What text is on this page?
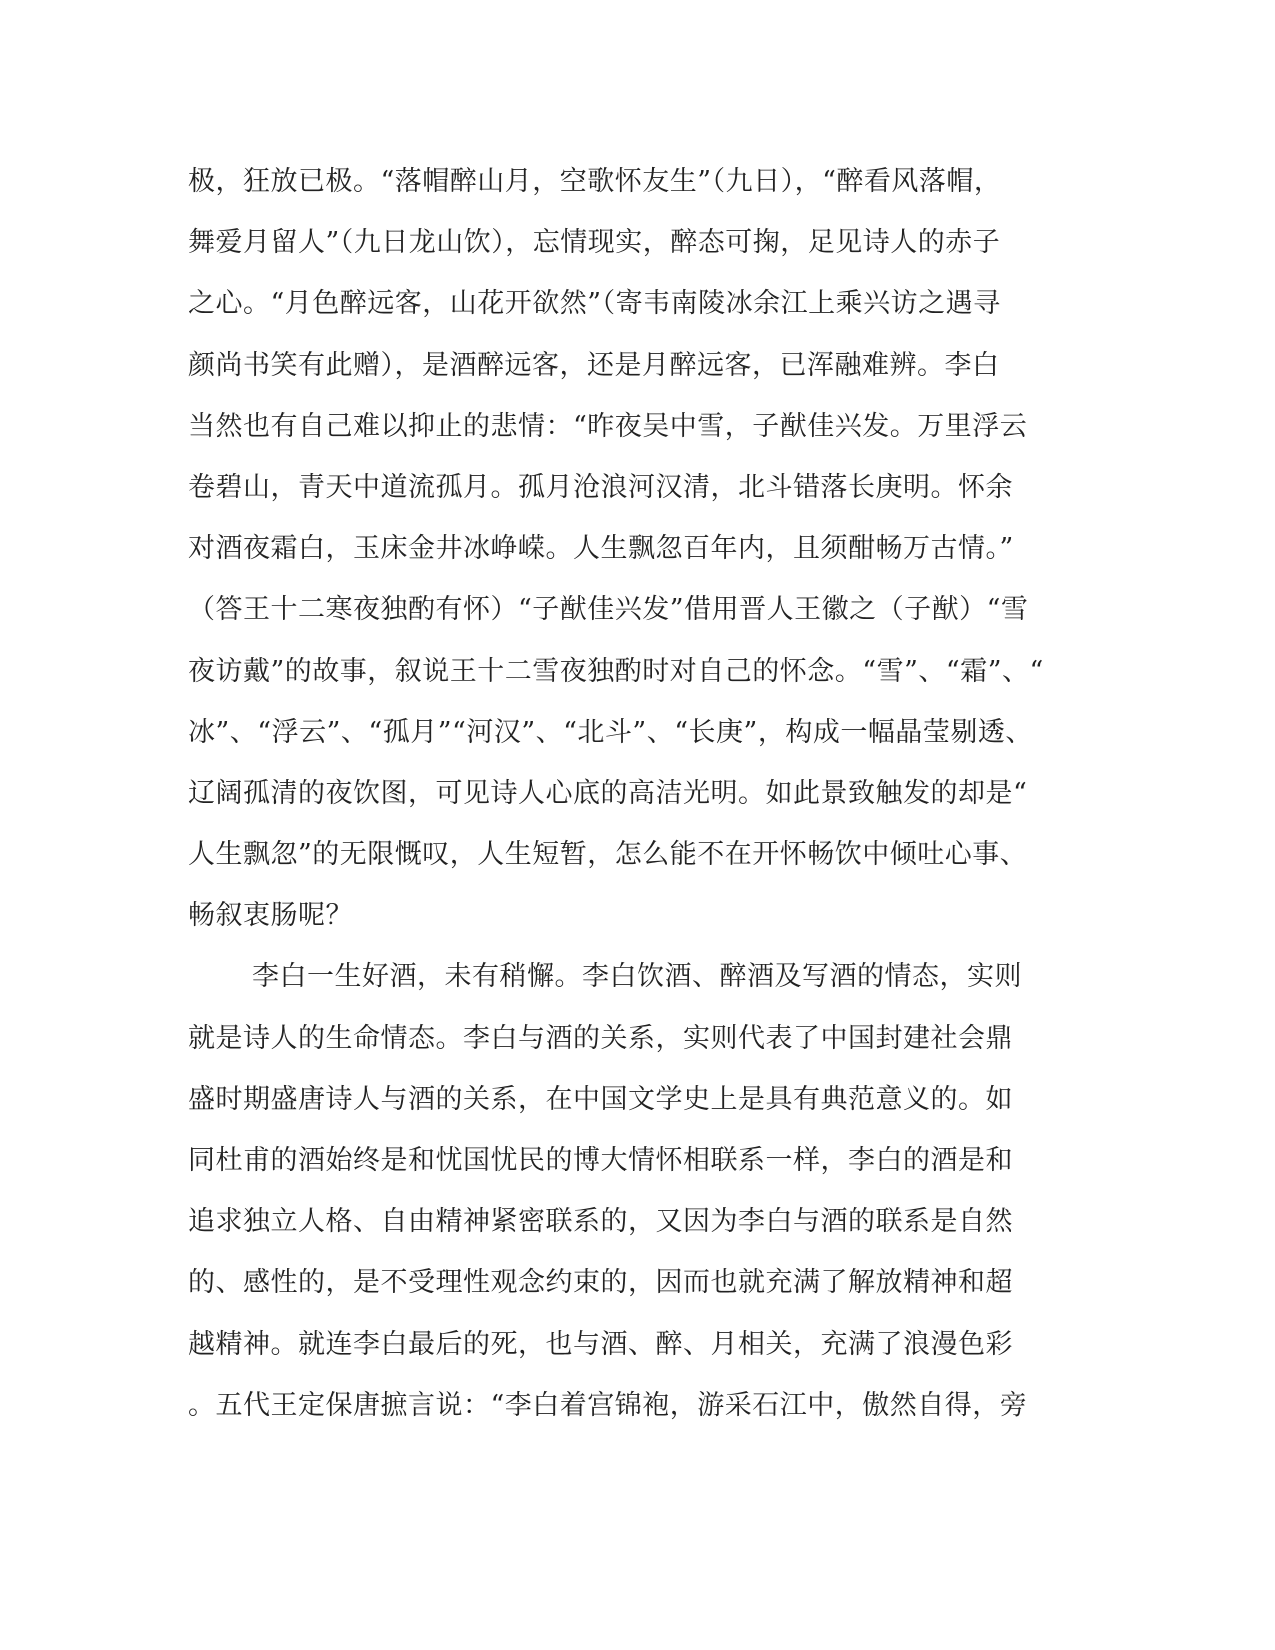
极，狂放已极。“落帽醉山月，空歌怀友生”（九日），“醉看风落帽，
舞爱月留人”（九日龙山饮），忘情现实，醉态可掬，足见诗人的赤子
之心。“月色醉远客，山花开欲然”（寄韦南陵冰余江上乘兴访之遇寻
颜尚书笑有此赠），是酒醉远客，还是月醉远客，已浑融难辨。李白
当然也有自己难以抑止的悲情：“昨夜吴中雪，子猷佳兴发。万里浮云
卷碧山，青天中道流孤月。孤月沧浪河汉清，北斗错落长庚明。怀余
对酒夜霜白，玉床金井冰峥嵘。人生飘忽百年内，且须酣畅万古情。”
（答王十二寒夜独酌有怀）“子猷佳兴发”借用晋人王徽之（子猷）“雪
夜访戴”的故事，叙说王十二雪夜独酌时对自己的怀念。“雪”、“霜”、“
冰”、“浮云”、“孤月”“河汉”、“北斗”、“长庚”，构成一幅晶莹剔透、
辽阔孤清的夜饮图，可见诗人心底的高洁光明。如此景致触发的却是“
人生飘忽”的无限慨叹，人生短暂，怎么能不在开怀畅饮中倾吐心事、
畅叙衷肠呢？
李白一生好酒，未有稍懈。李白饮酒、醉酒及写酒的情态，实则
就是诗人的生命情态。李白与酒的关系，实则代表了中国封建社会鼎
盛时期盛唐诗人与酒的关系，在中国文学史上是具有典范意义的。如
同杜甫的酒始终是和忧国忧民的博大情怀相联系一样，李白的酒是和
追求独立人格、自由精神紧密联系的，又因为李白与酒的联系是自然
的、感性的，是不受理性观念约束的，因而也就充满了解放精神和超
越精神。就连李白最后的死，也与酒、醉、月相关，充满了浪漫色彩
。五代王定保唐摭言说：“李白着宫锦袍，游采石江中，傲然自得，旁
